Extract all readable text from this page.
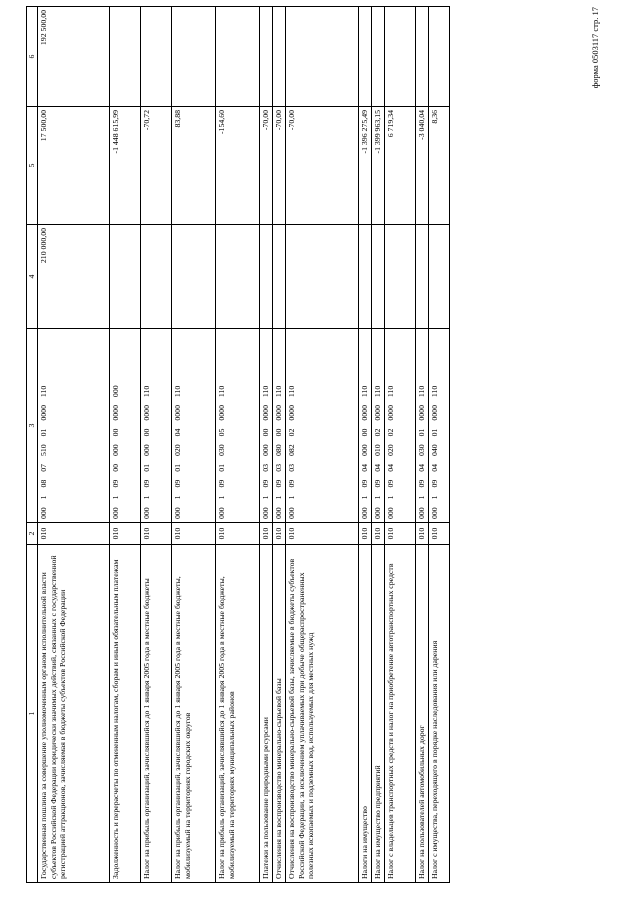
форма 0503117 стр. 17
1	2	3	4	5	6
Государственная пошлина за совершение уполномоченным органом исполнительной власти субъектов Российской Федерации юридически значимых действий, связанных с государственной регистрацией аттракционов, зачисляемая в бюджеты субъектов Российской Федерации	010	000 1 08 07 510 01 0000 110	210 000,00	17 500,00	192 500,00
Задолженность и перерасчеты по отмененным налогам, сборам и иным обязательным платежам	010	000 1 09 00 000 00 0000 000		-1 448 615,99	
Налог на прибыль организаций, зачислявшийся до 1 января 2005 года в местные бюджеты	010	000 1 09 01 000 00 0000 110		-70,72	
Налог на прибыль организаций, зачислявшийся до 1 января 2005 года в местные бюджеты, мобилизуемый на территориях городских округов	010	000 1 09 01 020 04 0000 110		83,88	
Налог на прибыль организаций, зачислявшийся до 1 января 2005 года в местные бюджеты, мобилизуемый на территориях муниципальных районов	010	000 1 09 01 030 05 0000 110		-154,60	
Платежи за пользование природными ресурсами	010	000 1 09 03 000 00 0000 110		-70,00	
Отчисления на воспроизводство минерально-сырьевой базы	010	000 1 09 03 080 00 0000 110		-70,00	
Отчисления на воспроизводство минерально-сырьевой базы, зачисляемые в бюджеты субъектов Российской Федерации, за исключением уплачиваемых при добыче общераспространенных полезных ископаемых и подземных вод, используемых для местных нужд	010	000 1 09 03 082 02 0000 110		-70,00	
Налоги на имущество	010	000 1 09 04 000 00 0000 110		-1 396 275,49	
Налог на имущество предприятий	010	000 1 09 04 010 02 0000 110		-1 399 963,15	
Налог с владельцев транспортных средств и налог на приобретение автотранспортных средств	010	000 1 09 04 020 02 0000 110		6 719,34	
Налог на пользователей автомобильных дорог	010	000 1 09 04 030 01 0000 110		-3 040,04	
Налог с имущества, переходящего в порядке наследования или дарения	010	000 1 09 04 040 01 0000 110		8,36	
